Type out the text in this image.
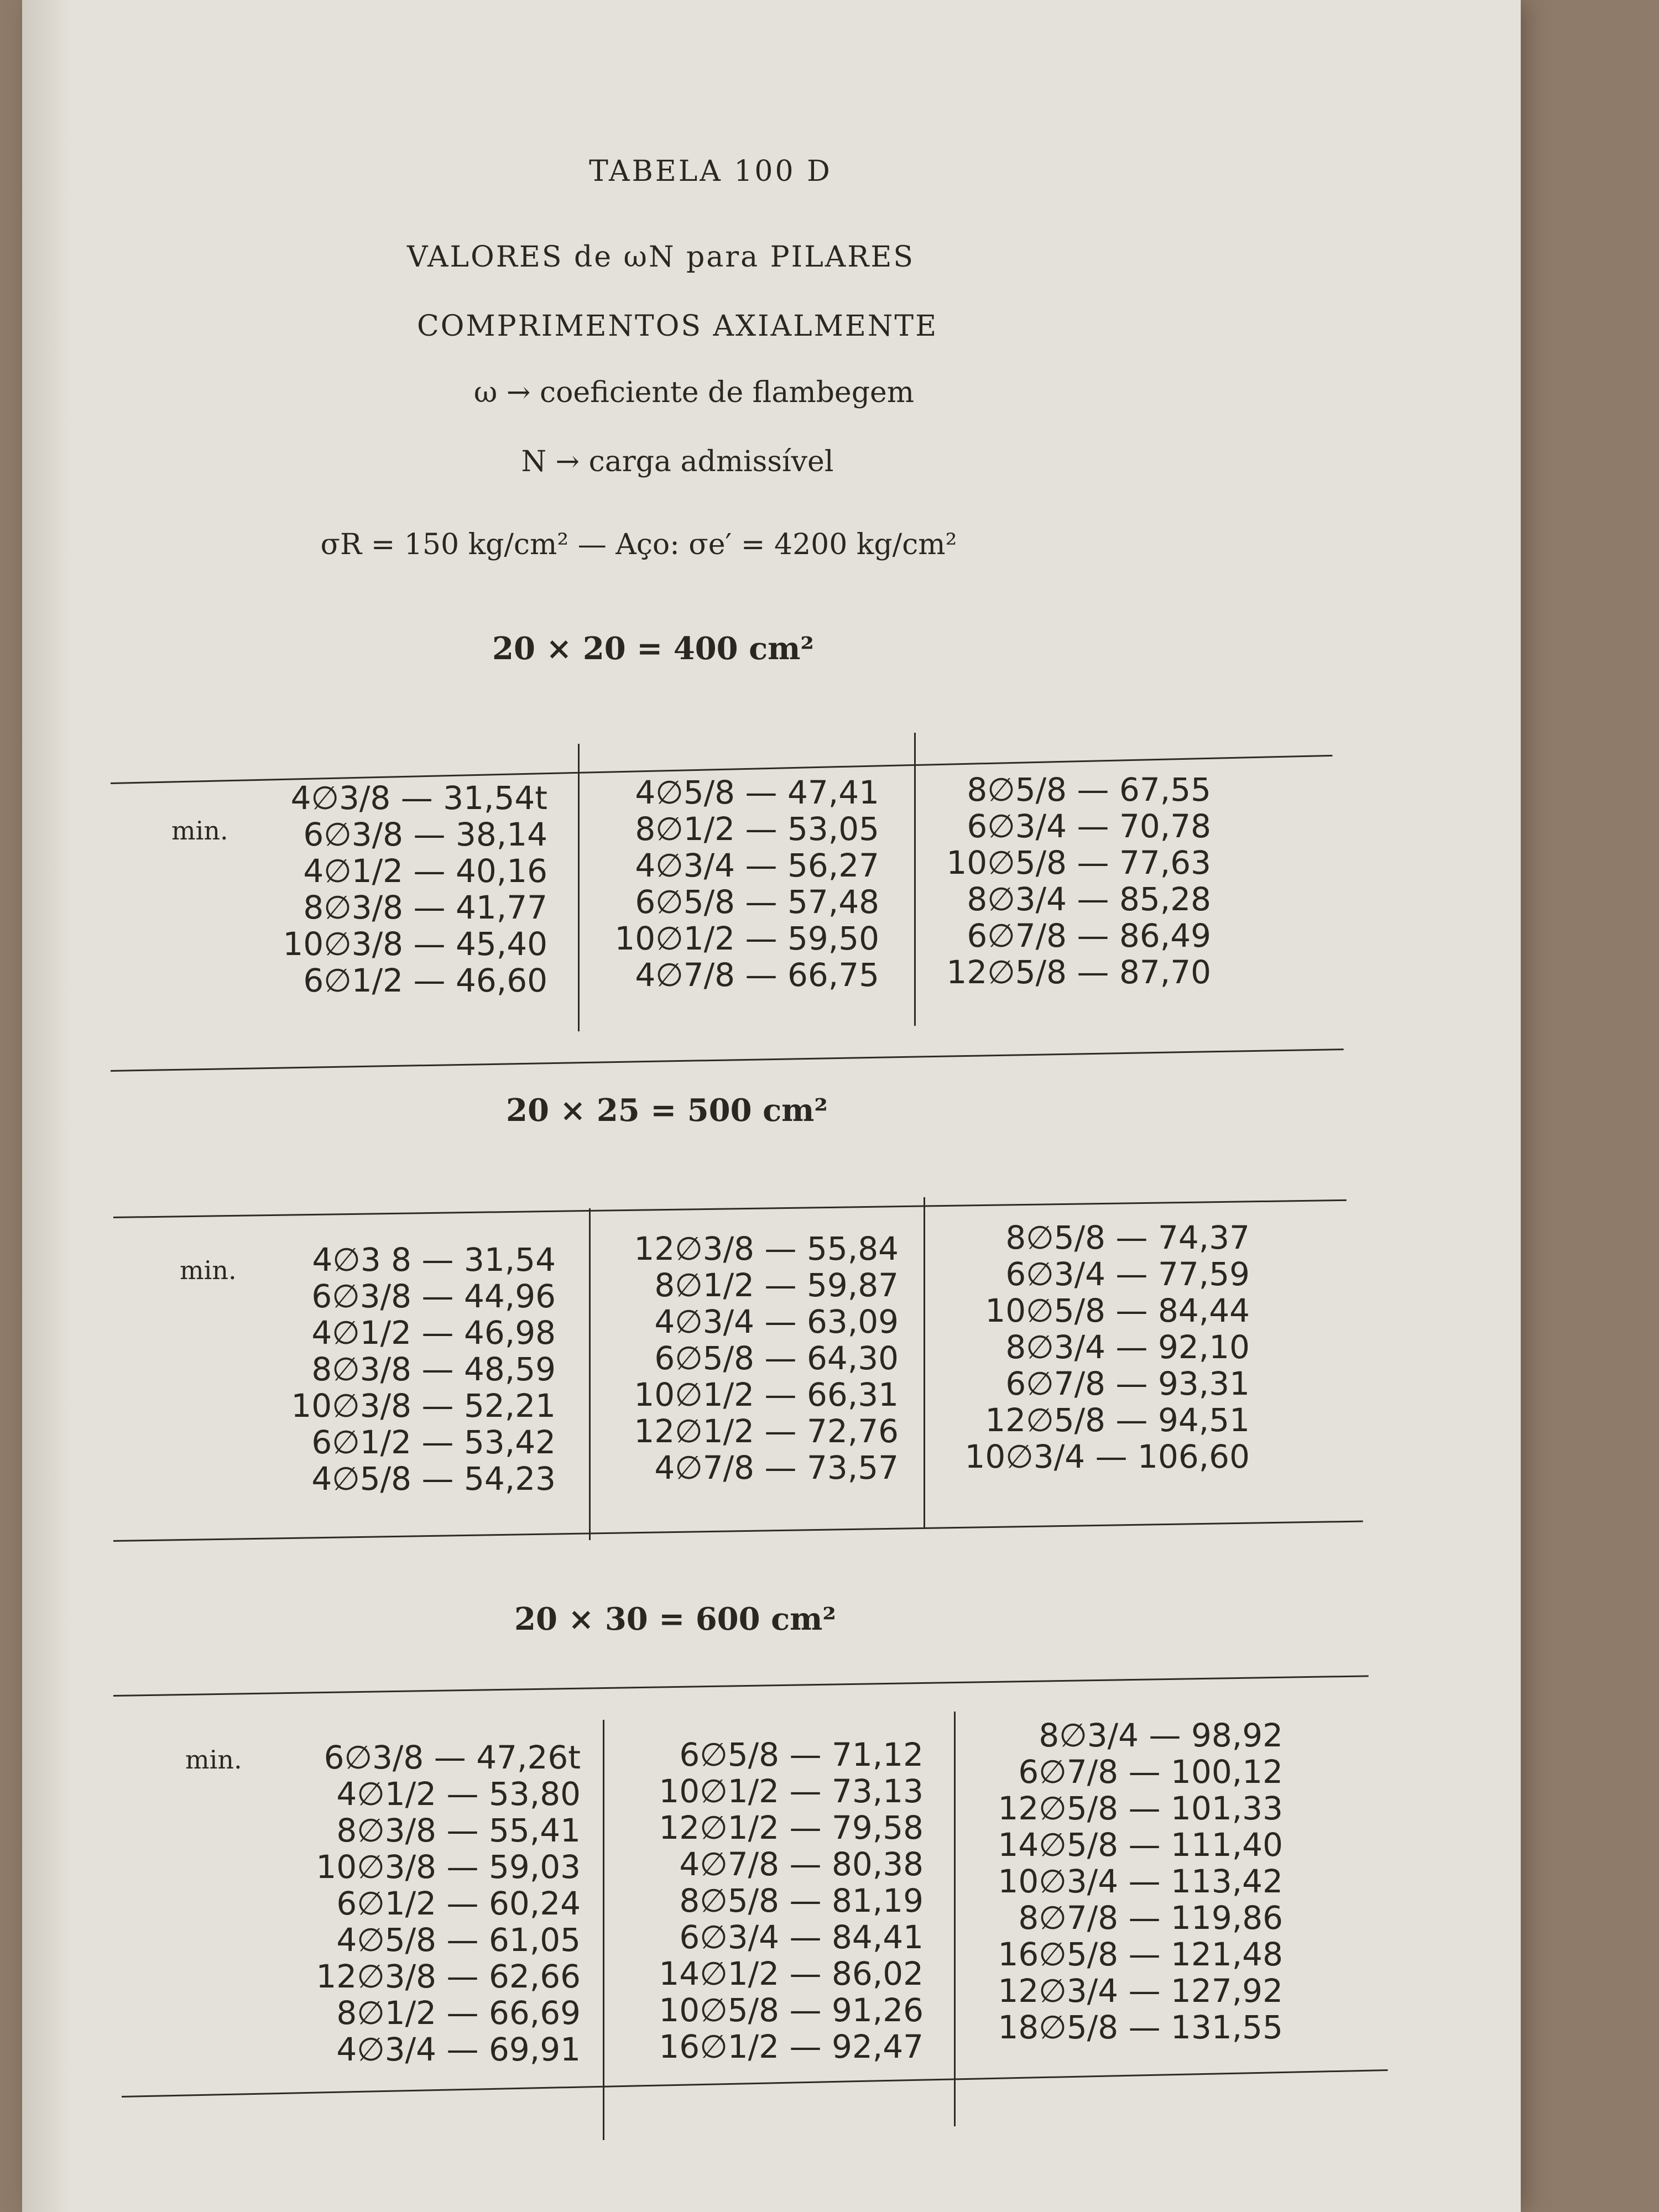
TABELA 100 D
VALORES de ωN para PILARES
COMPRIMENTOS AXIALMENTE
ω → coeficiente de flambegem
N → carga admissível
σR = 150 kg/cm² — Aço: σe′ = 4200 kg/cm²
20 × 20 = 400 cm²
min.
4∅3/8 — 31,54t
6∅3/8 — 38,14
4∅1/2 — 40,16
8∅3/8 — 41,77
10∅3/8 — 45,40
6∅1/2 — 46,60
4∅5/8 — 47,41
8∅1/2 — 53,05
4∅3/4 — 56,27
6∅5/8 — 57,48
10∅1/2 — 59,50
4∅7/8 — 66,75
8∅5/8 — 67,55
6∅3/4 — 70,78
10∅5/8 — 77,63
8∅3/4 — 85,28
6∅7/8 — 86,49
12∅5/8 — 87,70
20 × 25 = 500 cm²
min.	4∅3 8 — 31,54
6∅3/8 — 44,96
4∅1/2 — 46,98
8∅3/8 — 48,59
10∅3/8 — 52,21
6∅1/2 — 53,42
4∅5/8 — 54,23
12∅3/8 — 55,84
8∅1/2 — 59,87
4∅3/4 — 63,09
6∅5/8 — 64,30
10∅1/2 — 66,31
12∅1/2 — 72,76
4∅7/8 — 73,57
8∅5/8 — 74,37
6∅3/4 — 77,59
10∅5/8 — 84,44
8∅3/4 — 92,10
6∅7/8 — 93,31
12∅5/8 — 94,51
10∅3/4 — 106,60
20 × 30 = 600 cm²
min.	6∅3/8 — 47,26t
4∅1/2 — 53,80
8∅3/8 — 55,41
10∅3/8 — 59,03
6∅1/2 — 60,24
4∅5/8 — 61,05
12∅3/8 — 62,66
8∅1/2 — 66,69
4∅3/4 — 69,91
6∅5/8 — 71,12
10∅1/2 — 73,13
12∅1/2 — 79,58
4∅7/8 — 80,38
8∅5/8 — 81,19
6∅3/4 — 84,41
14∅1/2 — 86,02
10∅5/8 — 91,26
16∅1/2 — 92,47
8∅3/4 — 98,92
6∅7/8 — 100,12
12∅5/8 — 101,33
14∅5/8 — 111,40
10∅3/4 — 113,42
8∅7/8 — 119,86
16∅5/8 — 121,48
12∅3/4 — 127,92
18∅5/8 — 131,55
